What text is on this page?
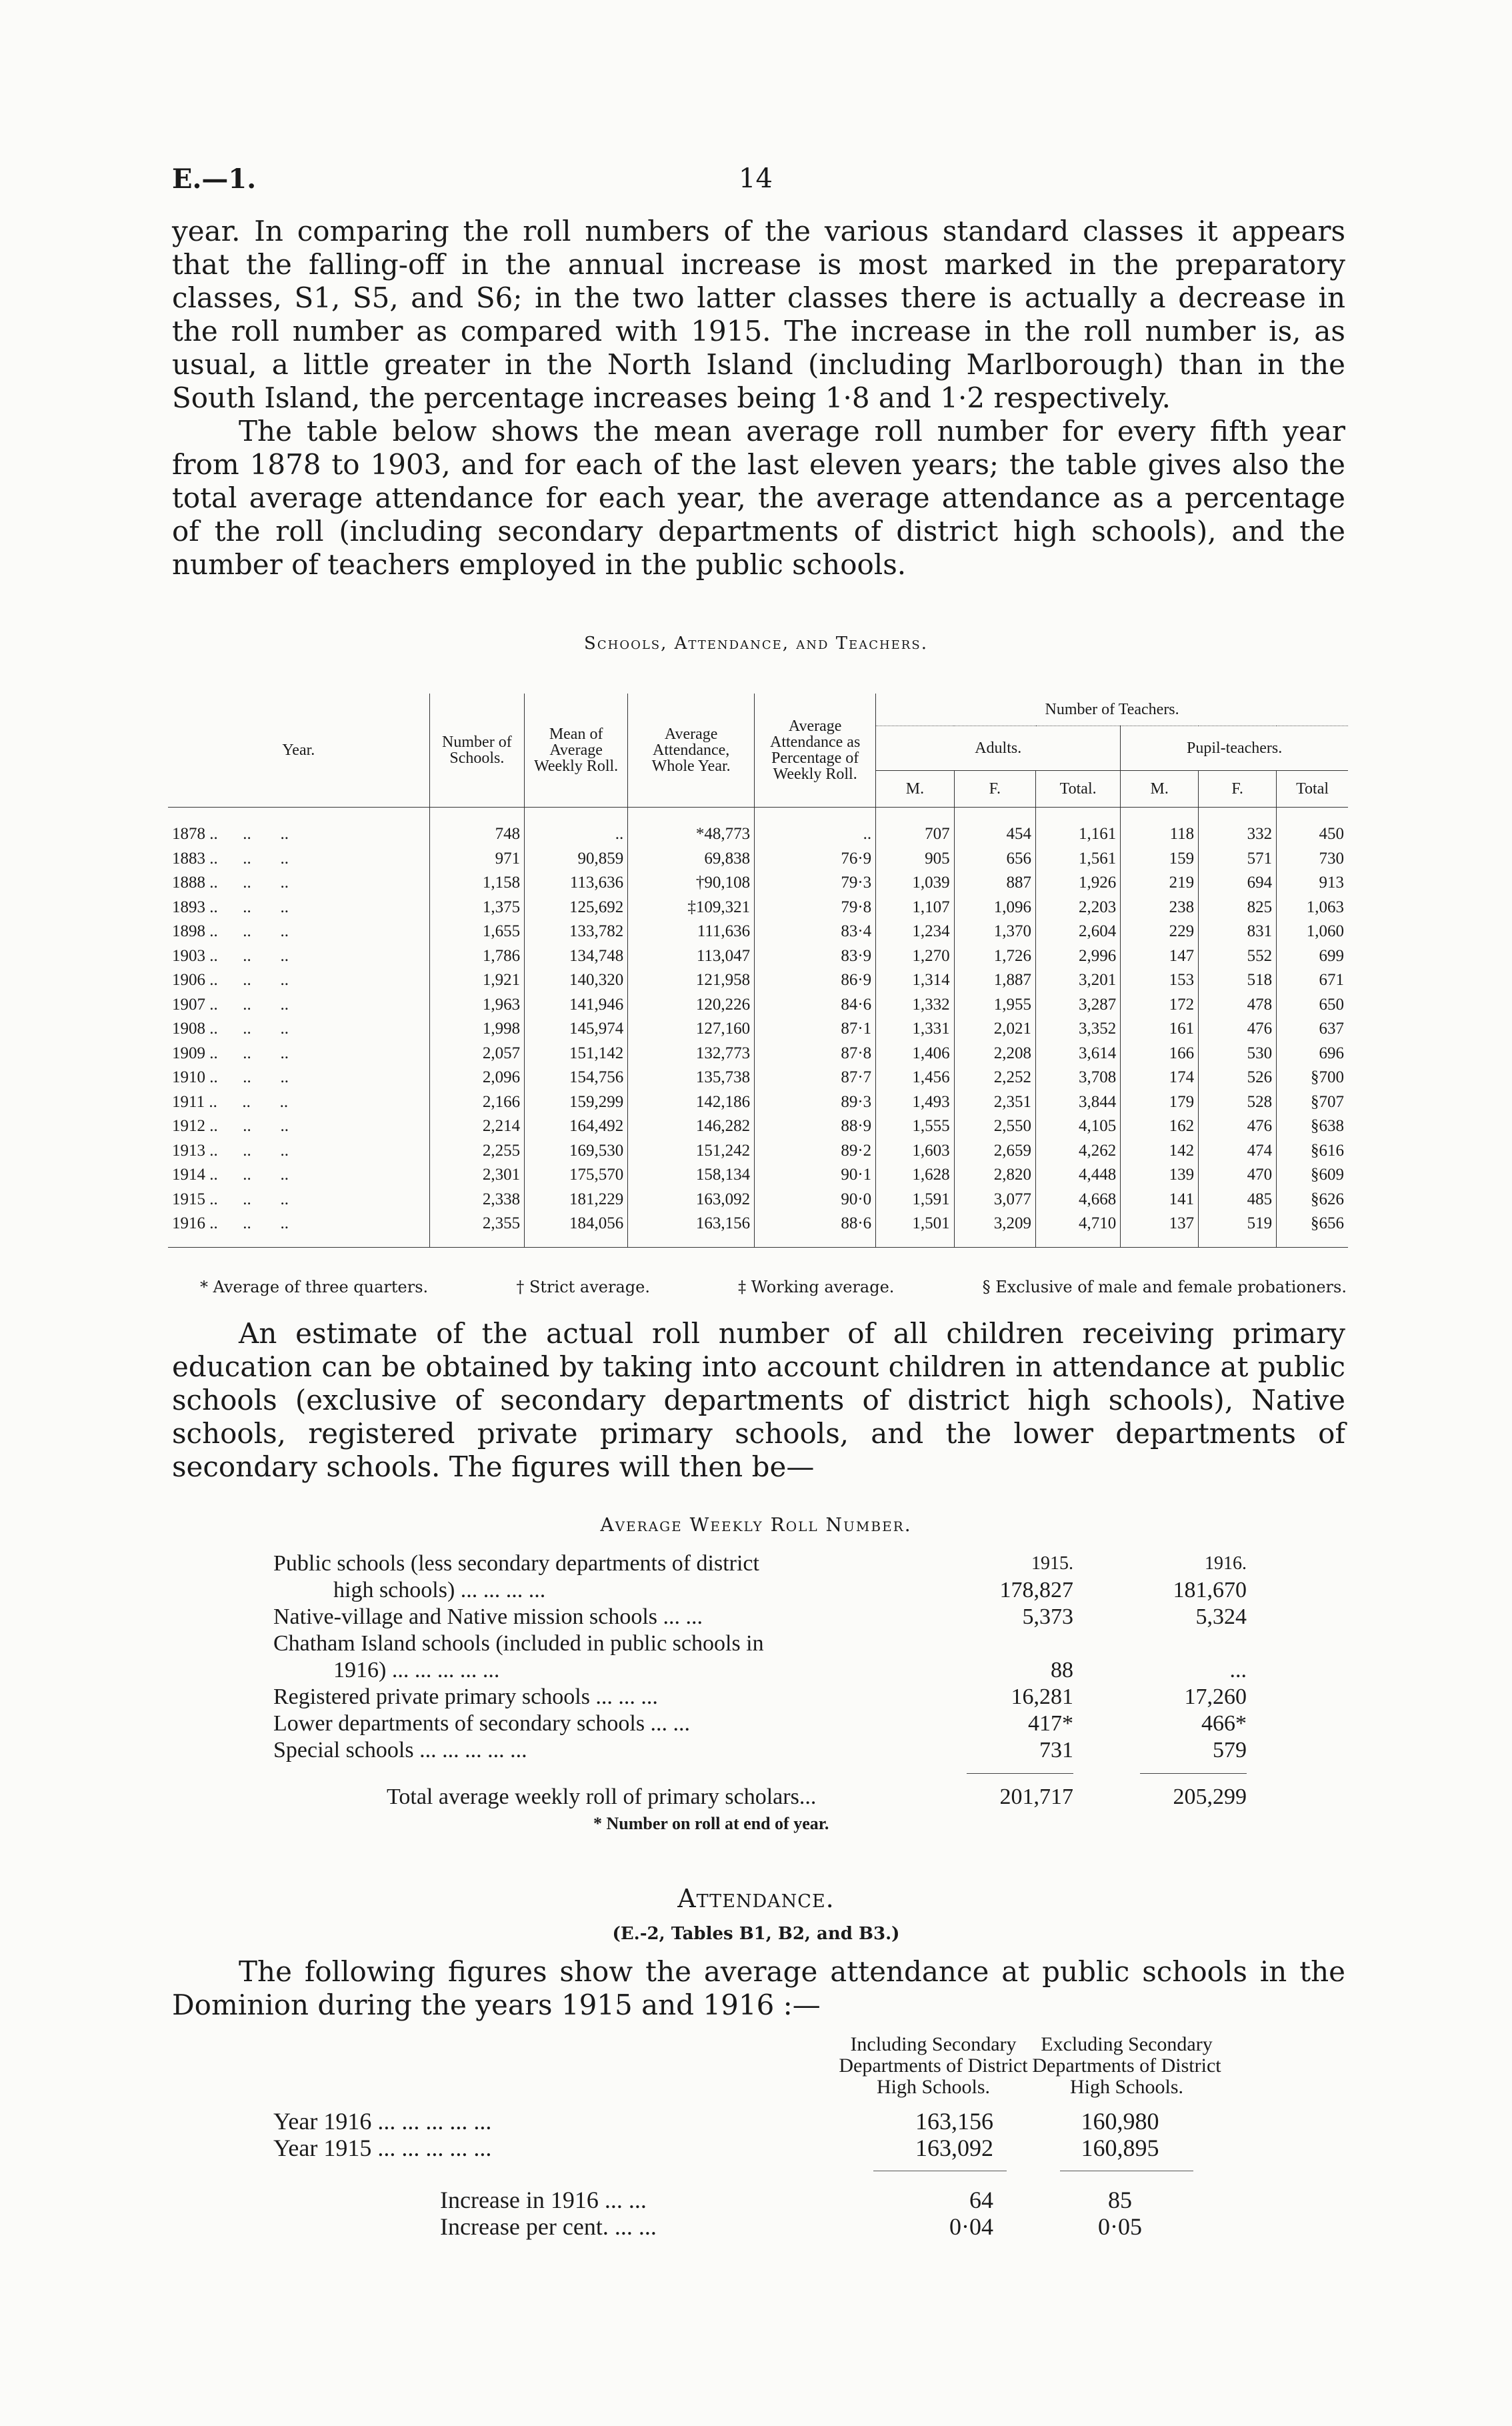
E.—1.	14

year. In comparing the roll numbers of the various standard classes it appears that the falling-off in the annual increase is most marked in the preparatory classes, S1, S5, and S6; in the two latter classes there is actually a decrease in the roll number as compared with 1915. The increase in the roll number is, as usual, a little greater in the North Island (including Marlborough) than in the South Island, the percentage increases being 1·8 and 1·2 respectively.

The table below shows the mean average roll number for every fifth year from 1878 to 1903, and for each of the last eleven years; the table gives also the total average attendance for each year, the average attendance as a percentage of the roll (including secondary departments of district high schools), and the number of teachers employed in the public schools.

Schools, Attendance, and Teachers.
Year.	Number of Schools.	Mean of Average Weekly Roll.	Average Attendance, Whole Year.	Average Attendance as Percentage of Weekly Roll.	Number of Teachers.					
					Adults.			Pupil-teachers.		
					M.	F.	Total.	M.	F.	Total
1878 ..      ..       ..	748	..	*48,773	..	707	454	1,161	118	332	450
1883 ..      ..       ..	971	90,859	69,838	76·9	905	656	1,561	159	571	730
1888 ..      ..       ..	1,158	113,636	†90,108	79·3	1,039	887	1,926	219	694	913
1893 ..      ..       ..	1,375	125,692	‡109,321	79·8	1,107	1,096	2,203	238	825	1,063
1898 ..      ..       ..	1,655	133,782	111,636	83·4	1,234	1,370	2,604	229	831	1,060
1903 ..      ..       ..	1,786	134,748	113,047	83·9	1,270	1,726	2,996	147	552	699
1906 ..      ..       ..	1,921	140,320	121,958	86·9	1,314	1,887	3,201	153	518	671
1907 ..      ..       ..	1,963	141,946	120,226	84·6	1,332	1,955	3,287	172	478	650
1908 ..      ..       ..	1,998	145,974	127,160	87·1	1,331	2,021	3,352	161	476	637
1909 ..      ..       ..	2,057	151,142	132,773	87·8	1,406	2,208	3,614	166	530	696
1910 ..      ..       ..	2,096	154,756	135,738	87·7	1,456	2,252	3,708	174	526	§700
1911 ..      ..       ..	2,166	159,299	142,186	89·3	1,493	2,351	3,844	179	528	§707
1912 ..      ..       ..	2,214	164,492	146,282	88·9	1,555	2,550	4,105	162	476	§638
1913 ..      ..       ..	2,255	169,530	151,242	89·2	1,603	2,659	4,262	142	474	§616
1914 ..      ..       ..	2,301	175,570	158,134	90·1	1,628	2,820	4,448	139	470	§609
1915 ..      ..       ..	2,338	181,229	163,092	90·0	1,591	3,077	4,668	141	485	§626
1916 ..      ..       ..	2,355	184,056	163,156	88·6	1,501	3,209	4,710	137	519	§656
* Average of three quarters.	† Strict average.	‡ Working average.	§ Exclusive of male and female probationers.

An estimate of the actual roll number of all children receiving primary education can be obtained by taking into account children in attendance at public schools (exclusive of secondary departments of district high schools), Native schools, registered private primary schools, and the lower departments of secondary schools. The figures will then be—

Average Weekly Roll Number.
Public schools (less secondary departments of district	1915.	1916.
high schools) ... ... ... ...	178,827	181,670
Native-village and Native mission schools ... ...	5,373	5,324
Chatham Island schools (included in public schools in
1916) ... ... ... ... ...	88	...
Registered private primary schools ... ... ...	16,281	17,260
Lower departments of secondary schools ... ...	417*	466*
Special schools ... ... ... ... ...	731	579
Total average weekly roll of primary scholars...	201,717	205,299
* Number on roll at end of year.
Attendance.
(E.-2, Tables B1, B2, and B3.)

The following figures show the average attendance at public schools in the Dominion during the years 1915 and 1916 :—

Including Secondary Departments of District High Schools.
Excluding Secondary Departments of District High Schools.
Year 1916 ... ... ... ... ...	163,156	160,980
Year 1915 ... ... ... ... ...	163,092	160,895
Increase in 1916 ... ...	64	85
Increase per cent. ... ...	0·04	0·05
